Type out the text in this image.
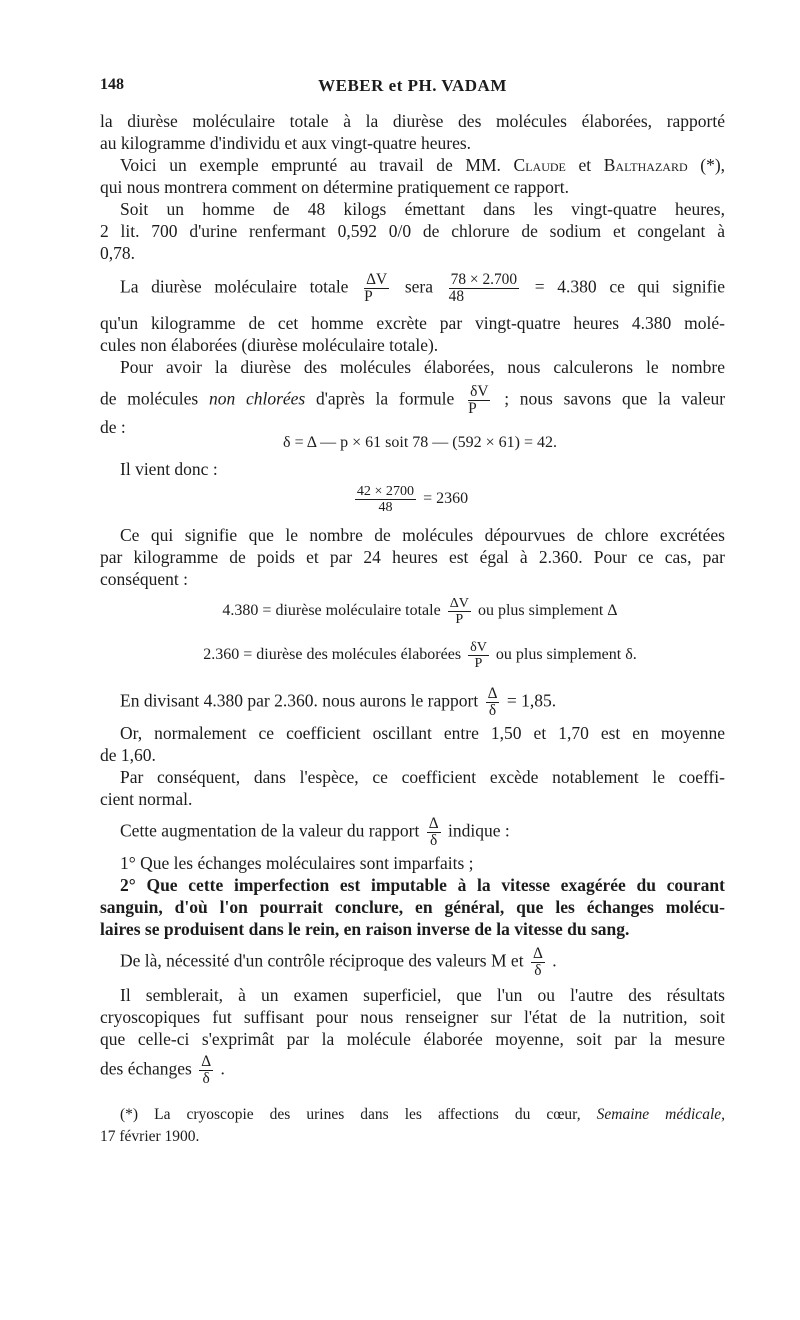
148	WEBER et PH. VADAM
la diurèse moléculaire totale à la diurèse des molécules élaborées, rapporté
au kilogramme d'individu et aux vingt-quatre heures.
Voici un exemple emprunté au travail de MM. Claude et Balthazard (*),
qui nous montrera comment on détermine pratiquement ce rapport.
Soit un homme de 48 kilogs émettant dans les vingt-quatre heures,
2 lit. 700 d'urine renfermant 0,592 0/0 de chlorure de sodium et congelant à
0,78.
La diurèse moléculaire totale $\frac{\Delta V}{P}$ sera $\frac{78 \times 2.700}{48} = 4.380$ ce qui signifie
qu'un kilogramme de cet homme excrète par vingt-quatre heures 4.380 molé-
cules non élaborées (diurèse moléculaire totale).
Pour avoir la diurèse des molécules élaborées, nous calculerons le nombre
de molécules non chlorées d'après la formule $\frac{\delta V}{P}$ ; nous savons que la valeur
de :
δ = Δ — p × 61 soit 78 — (592 × 61) = 42.
Il vient donc :
$\frac{42 \times 2700}{48} = 2360$
Ce qui signifie que le nombre de molécules dépourvues de chlore excrétées
par kilogramme de poids et par 24 heures est égal à 2.360. Pour ce cas, par
conséquent :
4.380 = diurèse moléculaire totale $\frac{\Delta V}{P}$ ou plus simplement Δ
2.360 = diurèse des molécules élaborées $\frac{\delta V}{P}$ ou plus simplement δ.
En divisant 4.380 par 2.360. nous aurons le rapport $\frac{\Delta}{\delta} = 1,85$.
Or, normalement ce coefficient oscillant entre 1,50 et 1,70 est en moyenne
de 1,60.
Par conséquent, dans l'espèce, ce coefficient excède notablement le coeffi-
cient normal.
Cette augmentation de la valeur du rapport $\frac{\Delta}{\delta}$ indique :
1° Que les échanges moléculaires sont imparfaits ;
2° Que cette imperfection est imputable à la vitesse exagérée du courant
sanguin, d'où l'on pourrait conclure, en général, que les échanges molécu-
laires se produisent dans le rein, en raison inverse de la vitesse du sang.
De là, nécessité d'un contrôle réciproque des valeurs M et $\frac{\Delta}{\delta}$ .
Il semblerait, à un examen superficiel, que l'un ou l'autre des résultats
cryoscopiques fut suffisant pour nous renseigner sur l'état de la nutrition, soit
que celle-ci s'exprimât par la molécule élaborée moyenne, soit par la mesure
des échanges $\frac{\Delta}{\delta}$ .
(*) La cryoscopie des urines dans les affections du cœur, Semaine médicale,
17 février 1900.
